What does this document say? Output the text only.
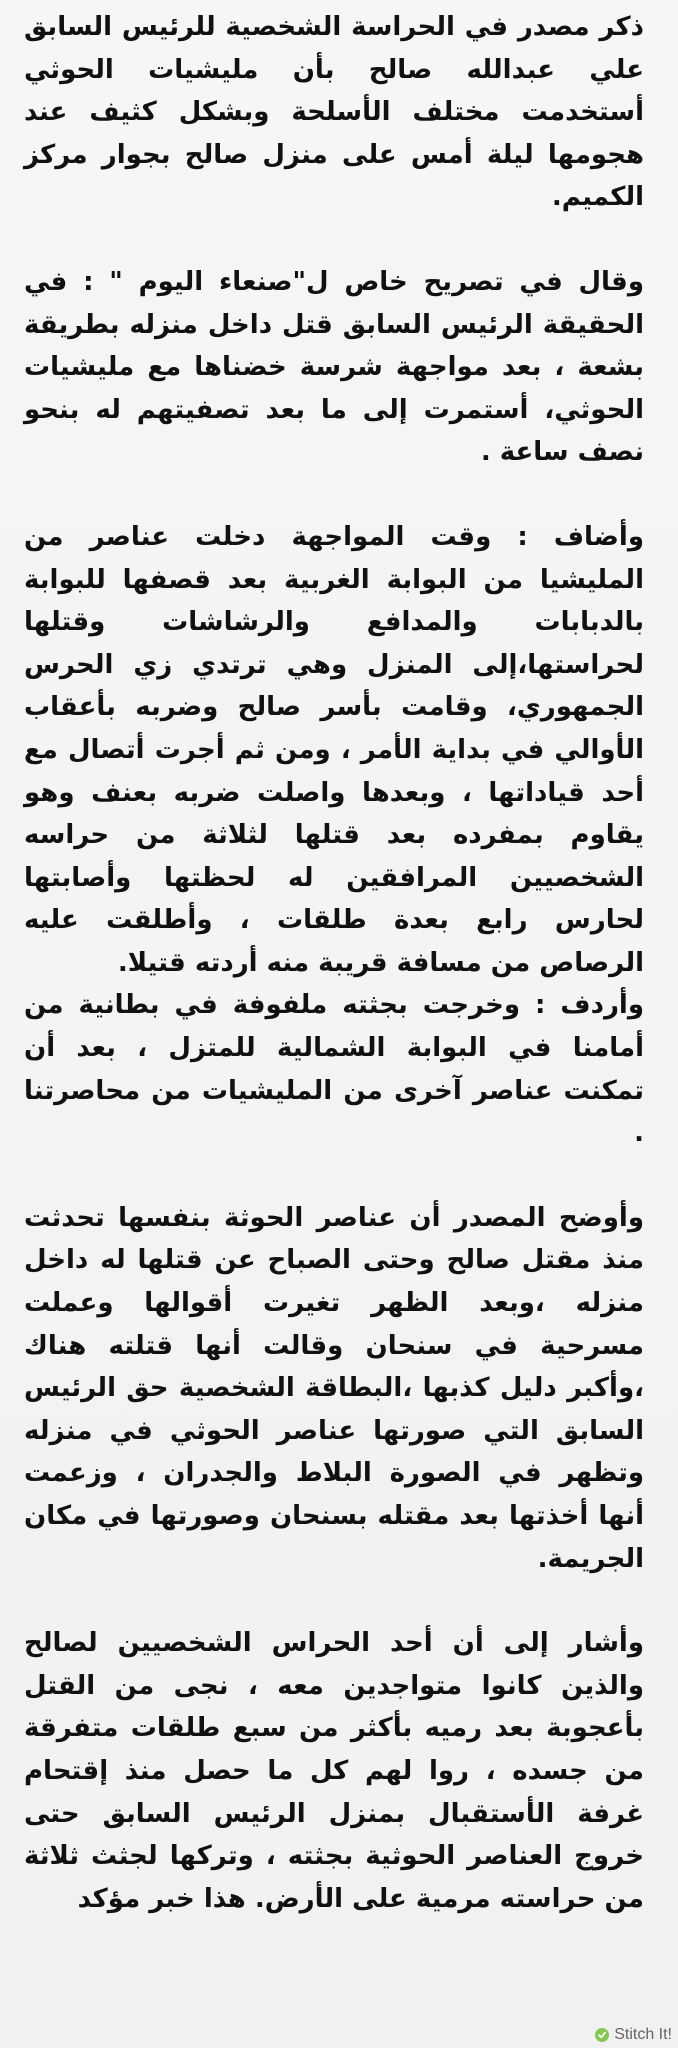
ذكر مصدر في الحراسة الشخصية للرئيس السابق علي عبدالله صالح بأن مليشيات الحوثي أستخدمت مختلف الأسلحة وبشكل كثيف عند هجومها ليلة أمس على منزل صالح بجوار مركز الكميم.

وقال في تصريح خاص ل"صنعاء اليوم " : في الحقيقة الرئيس السابق قتل داخل منزله بطريقة بشعة ، بعد مواجهة شرسة خضناها مع مليشيات الحوثي، أستمرت إلى ما بعد تصفيتهم له بنحو نصف ساعة .

وأضاف : وقت المواجهة دخلت عناصر من المليشيا من البوابة الغربية بعد قصفها للبوابة بالدبابات والمدافع والرشاشات وقتلها لحراستها،إلى المنزل وهي ترتدي زي الحرس الجمهوري، وقامت بأسر صالح وضربه بأعقاب الأوالي في بداية الأمر ، ومن ثم أجرت أتصال مع أحد قياداتها ، وبعدها واصلت ضربه بعنف وهو يقاوم بمفرده بعد قتلها لثلاثة من حراسه الشخصيين المرافقين له لحظتها وأصابتها لحارس رابع بعدة طلقات ، وأطلقت عليه الرصاص من مسافة قريبة منه أردته قتيلا.

وأردف : وخرجت بجثته ملفوفة في بطانية من أمامنا في البوابة الشمالية للمتزل ، بعد أن تمكنت عناصر آخرى من المليشيات من محاصرتنا .

وأوضح المصدر أن عناصر الحوثة بنفسها تحدثت منذ مقتل صالح وحتى الصباح عن قتلها له داخل منزله ،وبعد الظهر تغيرت أقوالها وعملت مسرحية في سنحان وقالت أنها قتلته هناك ،وأكبر دليل كذبها ،البطاقة الشخصية حق الرئيس السابق التي صورتها عناصر الحوثي في منزله وتظهر في الصورة البلاط والجدران ، وزعمت أنها أخذتها بعد مقتله بسنحان وصورتها في مكان الجريمة.

وأشار إلى أن أحد الحراس الشخصيين لصالح والذين كانوا متواجدين معه ، نجى من القتل بأعجوبة بعد رميه بأكثر من سبع طلقات متفرقة من جسده ، روا لهم كل ما حصل منذ إقتحام غرفة الأستقبال بمنزل الرئيس السابق حتى خروج العناصر الحوثية بجثته ، وتركها لجثث ثلاثة من حراسته مرمية على الأرض. هذا خبر مؤكد

Stitch It!
